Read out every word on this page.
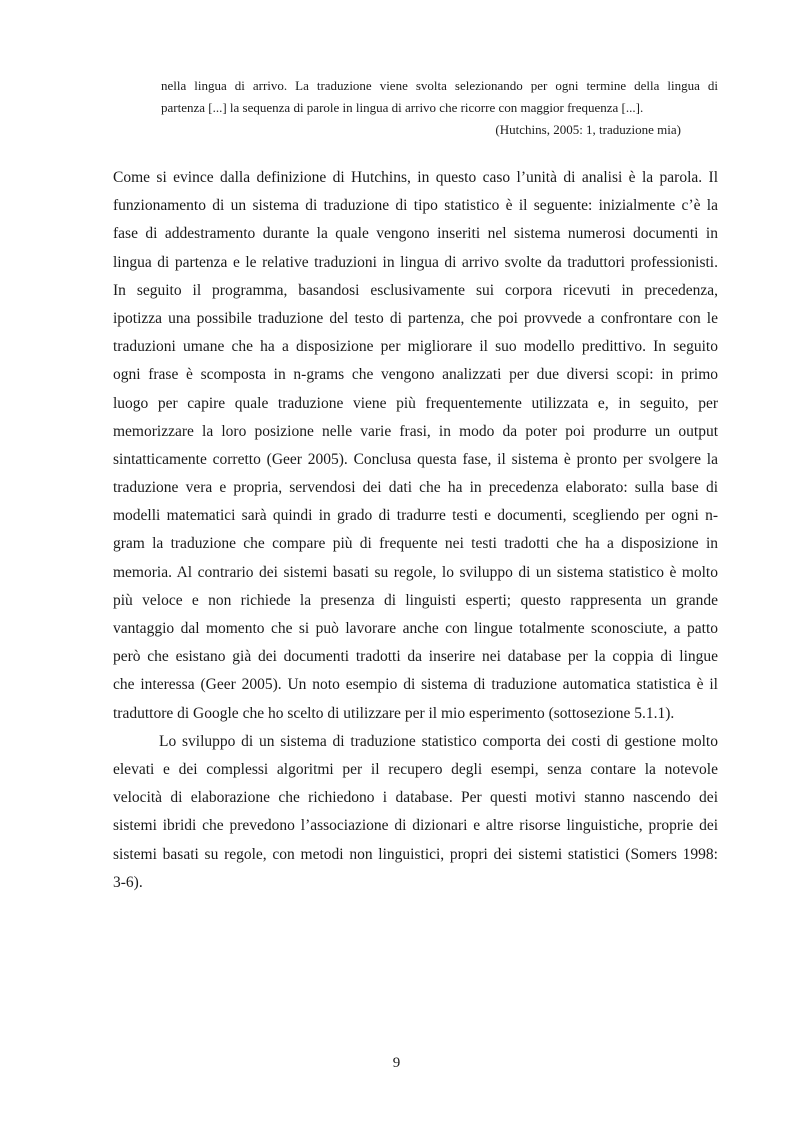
nella lingua di arrivo. La traduzione viene svolta selezionando per ogni termine della lingua di
partenza [...] la sequenza di parole in lingua di arrivo che ricorre con maggior frequenza [...].
(Hutchins, 2005: 1, traduzione mia)
Come si evince dalla definizione di Hutchins, in questo caso l’unità di analisi è la parola. Il
funzionamento di un sistema di traduzione di tipo statistico è il seguente: inizialmente c’è la
fase di addestramento durante la quale vengono inseriti nel sistema numerosi documenti in
lingua di partenza e le relative traduzioni in lingua di arrivo svolte da traduttori professionisti.
In seguito il programma, basandosi esclusivamente sui corpora ricevuti in precedenza,
ipotizza una possibile traduzione del testo di partenza, che poi provvede a confrontare con le
traduzioni umane che ha a disposizione per migliorare il suo modello predittivo. In seguito
ogni frase è scomposta in n-grams che vengono analizzati per due diversi scopi: in primo
luogo per capire quale traduzione viene più frequentemente utilizzata e, in seguito, per
memorizzare la loro posizione nelle varie frasi, in modo da poter poi produrre un output
sintatticamente corretto (Geer 2005). Conclusa questa fase, il sistema è pronto per svolgere la
traduzione vera e propria, servendosi dei dati che ha in precedenza elaborato: sulla base di
modelli matematici sarà quindi in grado di tradurre testi e documenti, scegliendo per ogni n-
gram la traduzione che compare più di frequente nei testi tradotti che ha a disposizione in
memoria. Al contrario dei sistemi basati su regole, lo sviluppo di un sistema statistico è molto
più veloce e non richiede la presenza di linguisti esperti; questo rappresenta un grande
vantaggio dal momento che si può lavorare anche con lingue totalmente sconosciute, a patto
però che esistano già dei documenti tradotti da inserire nei database per la coppia di lingue
che interessa (Geer 2005). Un noto esempio di sistema di traduzione automatica statistica è il
traduttore di Google che ho scelto di utilizzare per il mio esperimento (sottosezione 5.1.1).
Lo sviluppo di un sistema di traduzione statistico comporta dei costi di gestione molto
elevati e dei complessi algoritmi per il recupero degli esempi, senza contare la notevole
velocità di elaborazione che richiedono i database. Per questi motivi stanno nascendo dei
sistemi ibridi che prevedono l’associazione di dizionari e altre risorse linguistiche, proprie dei
sistemi basati su regole, con metodi non linguistici, propri dei sistemi statistici (Somers 1998:
3-6).
9
